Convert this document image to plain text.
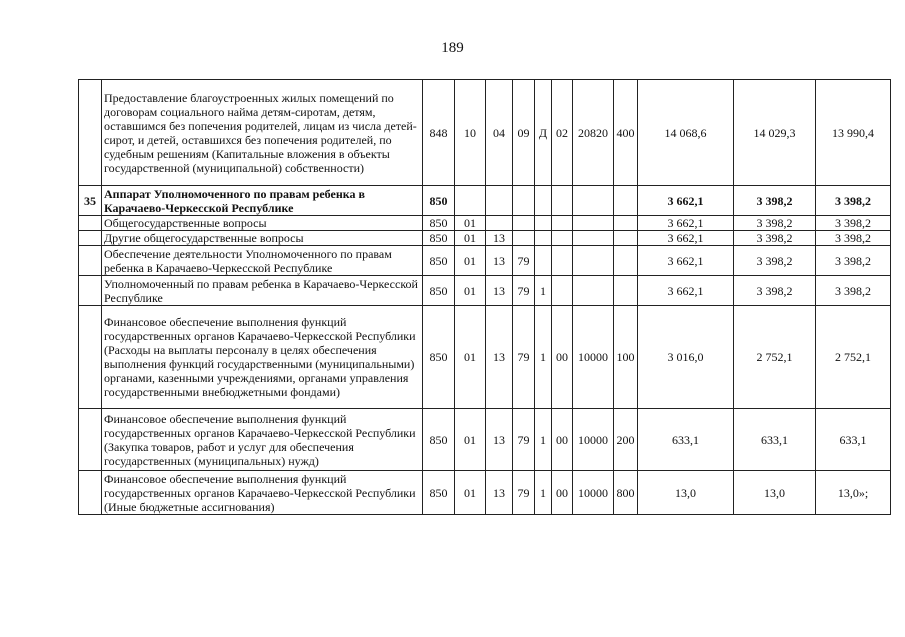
189
	Предоставление благоустроенных жилых помещений по договорам социального найма детям-сиротам, детям, оставшимся без попечения родителей, лицам из числа детей-сирот, и детей, оставшихся без попечения родителей, по судебным решениям (Капитальные вложения в объекты государственной (муниципальной) собственности)	848	10	04	09	Д	02	20820	400	14 068,6	14 029,3	13 990,4
35	Аппарат Уполномоченного по правам ребенка в Карачаево-Черкесской Республике	850								3 662,1	3 398,2	3 398,2
	Общегосударственные вопросы	850	01							3 662,1	3 398,2	3 398,2
	Другие общегосударственные вопросы	850	01	13						3 662,1	3 398,2	3 398,2
	Обеспечение деятельности Уполномоченного по правам ребенка в Карачаево-Черкесской Республике	850	01	13	79					3 662,1	3 398,2	3 398,2
	Уполномоченный по правам ребенка в Карачаево-Черкесской Республике	850	01	13	79	1				3 662,1	3 398,2	3 398,2
	Финансовое обеспечение выполнения функций государственных органов Карачаево-Черкесской Республики (Расходы на выплаты персоналу в целях обеспечения выполнения функций государственными (муниципальными) органами, казенными учреждениями, органами управления государственными внебюджетными фондами)	850	01	13	79	1	00	10000	100	3 016,0	2 752,1	2 752,1
	Финансовое обеспечение выполнения функций государственных органов Карачаево-Черкесской Республики (Закупка товаров, работ и услуг для обеспечения государственных (муниципальных) нужд)	850	01	13	79	1	00	10000	200	633,1	633,1	633,1
	Финансовое обеспечение выполнения функций государственных органов Карачаево-Черкесской Республики (Иные бюджетные ассигнования)	850	01	13	79	1	00	10000	800	13,0	13,0	13,0»;
